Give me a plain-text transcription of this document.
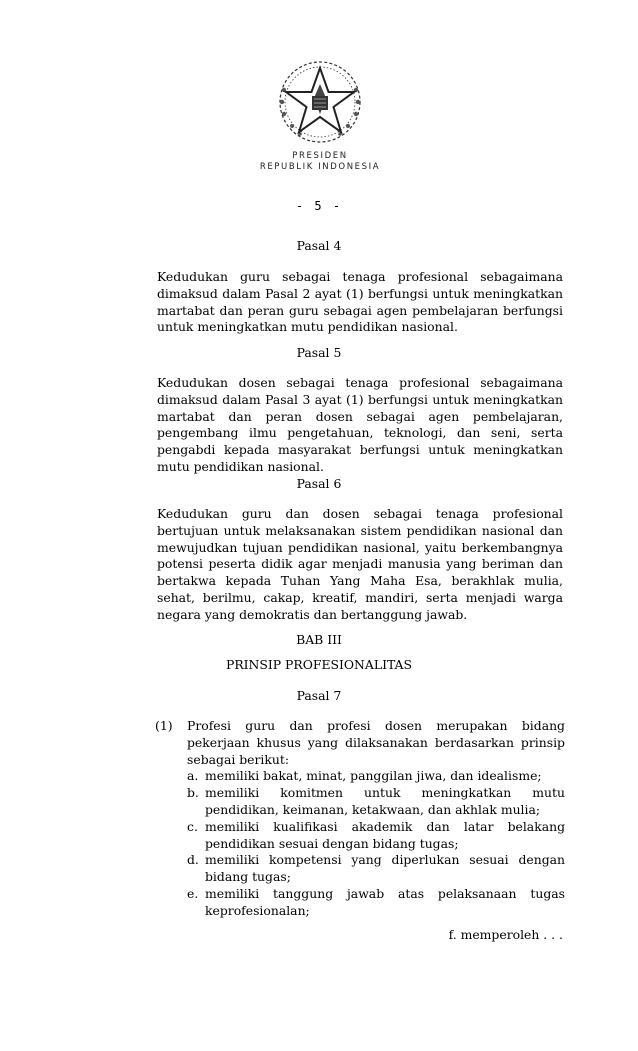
PRESIDEN
REPUBLIK INDONESIA
- 5 -
Pasal 4
Kedudukan guru sebagai tenaga profesional sebagaimana dimaksud dalam Pasal 2 ayat (1) berfungsi untuk meningkatkan martabat dan peran guru sebagai agen pembelajaran berfungsi untuk meningkatkan mutu pendidikan nasional.
Pasal 5
Kedudukan dosen sebagai tenaga profesional sebagaimana dimaksud dalam Pasal 3 ayat (1) berfungsi untuk meningkatkan martabat dan peran dosen sebagai agen pembelajaran, pengembang ilmu pengetahuan, teknologi, dan seni, serta pengabdi kepada masyarakat berfungsi untuk meningkatkan mutu pendidikan nasional.
Pasal 6
Kedudukan guru dan dosen sebagai tenaga profesional bertujuan untuk melaksanakan sistem pendidikan nasional dan mewujudkan tujuan pendidikan nasional, yaitu berkembangnya potensi peserta didik agar menjadi manusia yang beriman dan bertakwa kepada Tuhan Yang Maha Esa, berakhlak mulia, sehat, berilmu, cakap, kreatif, mandiri, serta menjadi warga negara yang demokratis dan bertanggung jawab.
BAB III
PRINSIP PROFESIONALITAS
Pasal 7
(1) Profesi guru dan profesi dosen merupakan bidang pekerjaan khusus yang dilaksanakan berdasarkan prinsip sebagai berikut:
a. memiliki bakat, minat, panggilan jiwa, dan idealisme;
b. memiliki komitmen untuk meningkatkan mutu pendidikan, keimanan, ketakwaan, dan akhlak mulia;
c. memiliki kualifikasi akademik dan latar belakang pendidikan sesuai dengan bidang tugas;
d. memiliki kompetensi yang diperlukan sesuai dengan bidang tugas;
e. memiliki tanggung jawab atas pelaksanaan tugas keprofesionalan;
f. memperoleh . . .
